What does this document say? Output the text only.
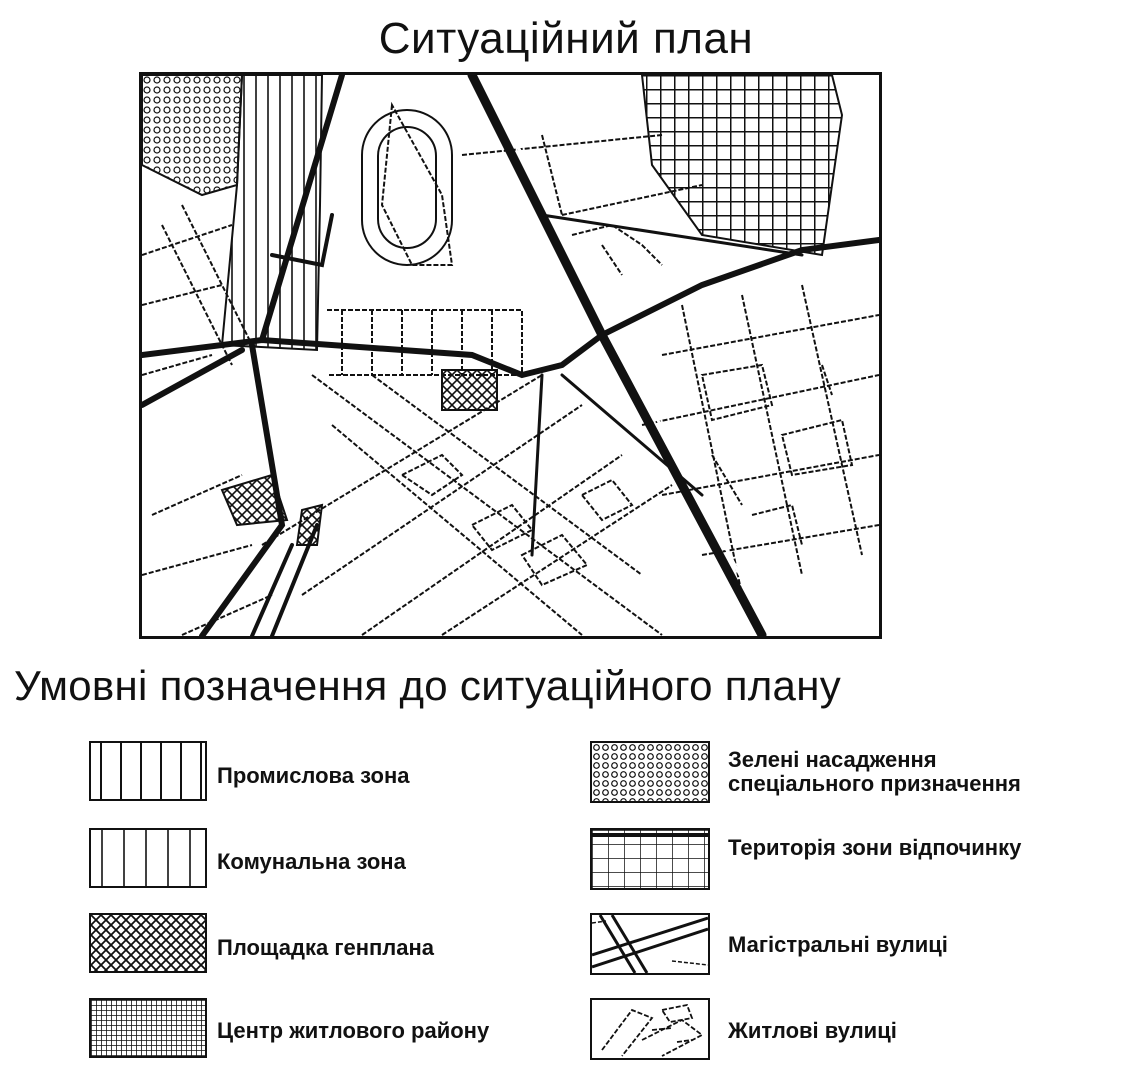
Ситуаційний план
Умовні позначення до ситуаційного плану
Промислова зона
Комунальна зона
Площадка генплана
Центр житлового району
Зелені насадження
спеціального призначення
Територія зони відпочинку
Магістральні вулиці
Житлові вулиці
